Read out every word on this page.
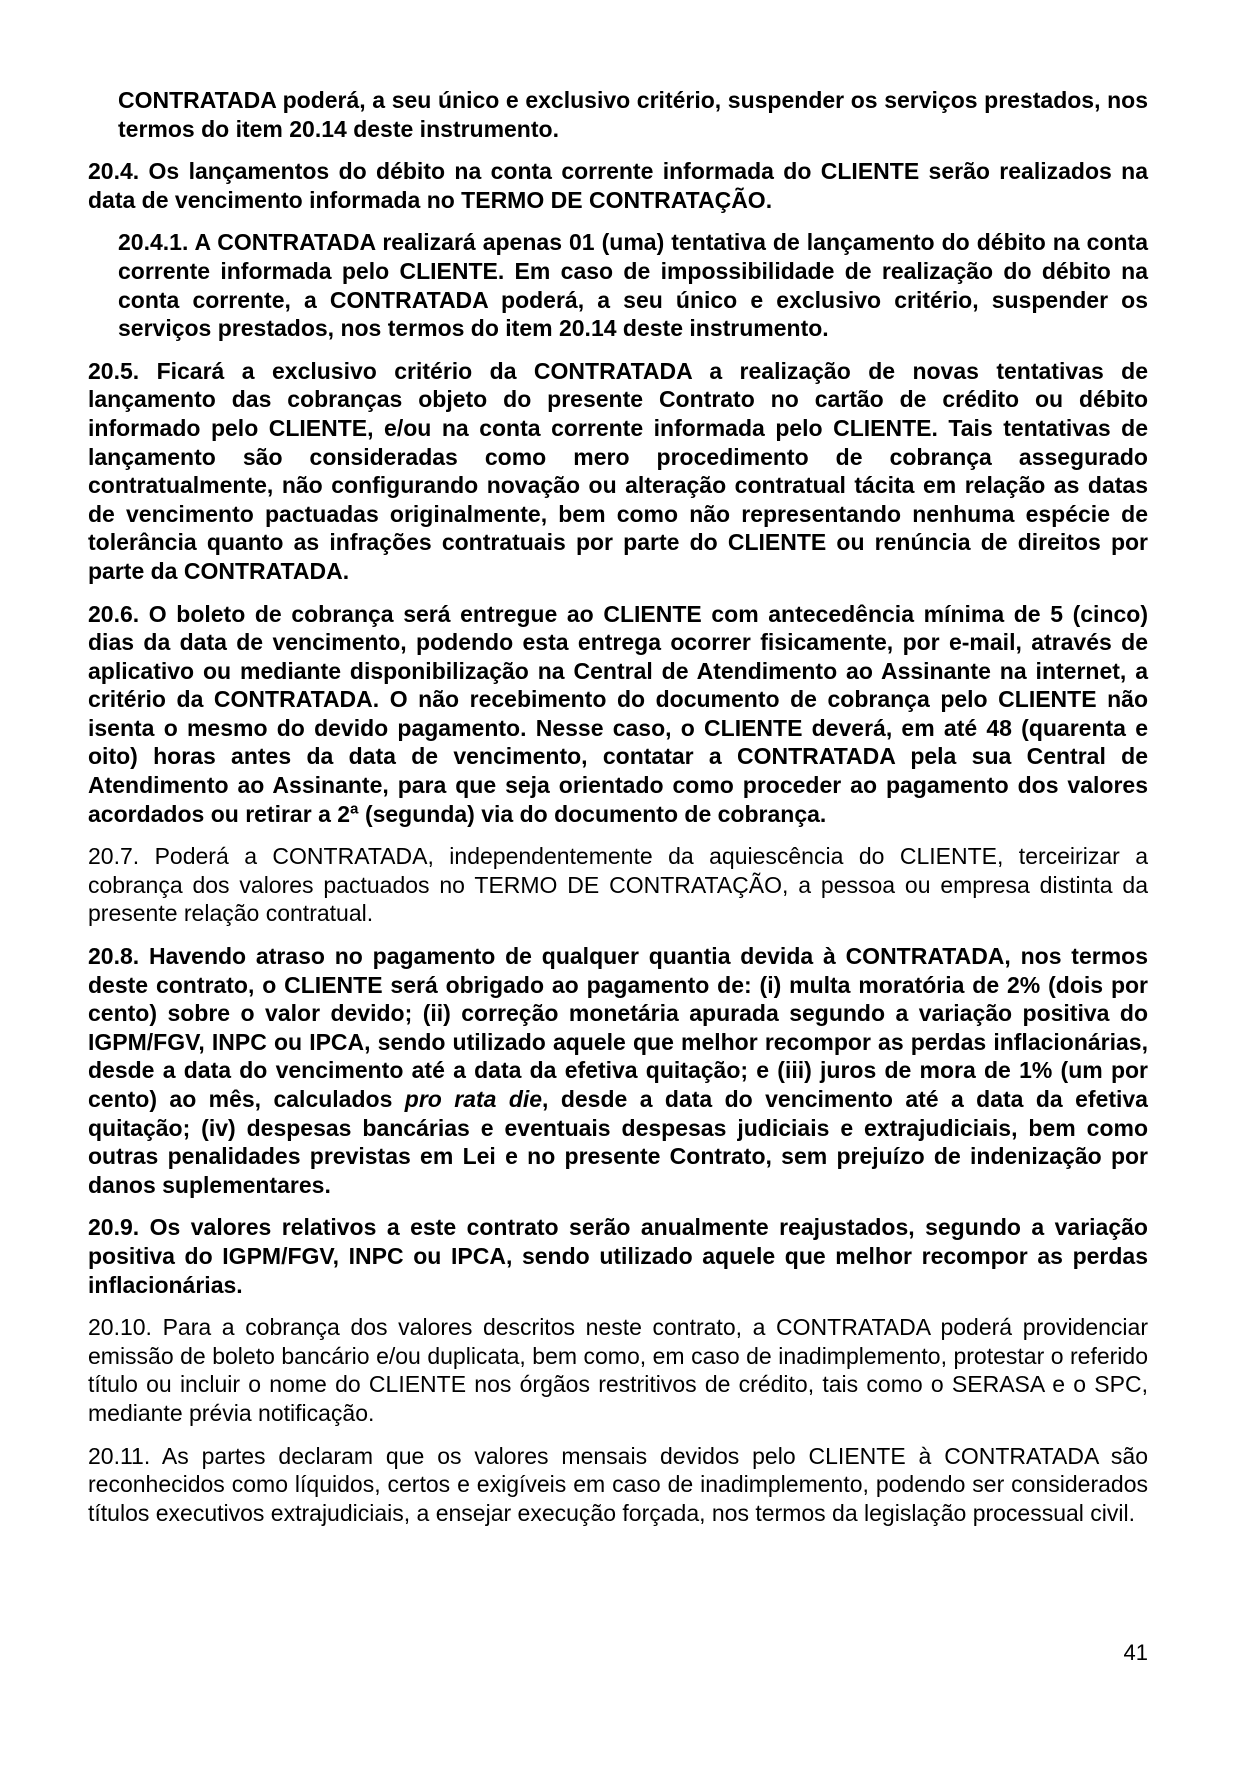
CONTRATADA poderá, a seu único e exclusivo critério, suspender os serviços prestados, nos termos do item 20.14 deste instrumento.

20.4. Os lançamentos do débito na conta corrente informada do CLIENTE serão realizados na data de vencimento informada no TERMO DE CONTRATAÇÃO.

20.4.1. A CONTRATADA realizará apenas 01 (uma) tentativa de lançamento do débito na conta corrente informada pelo CLIENTE. Em caso de impossibilidade de realização do débito na conta corrente, a CONTRATADA poderá, a seu único e exclusivo critério, suspender os serviços prestados, nos termos do item 20.14 deste instrumento.

20.5. Ficará a exclusivo critério da CONTRATADA a realização de novas tentativas de lançamento das cobranças objeto do presente Contrato no cartão de crédito ou débito informado pelo CLIENTE, e/ou na conta corrente informada pelo CLIENTE. Tais tentativas de lançamento são consideradas como mero procedimento de cobrança assegurado contratualmente, não configurando novação ou alteração contratual tácita em relação as datas de vencimento pactuadas originalmente, bem como não representando nenhuma espécie de tolerância quanto as infrações contratuais por parte do CLIENTE ou renúncia de direitos por parte da CONTRATADA.

20.6. O boleto de cobrança será entregue ao CLIENTE com antecedência mínima de 5 (cinco) dias da data de vencimento, podendo esta entrega ocorrer fisicamente, por e-mail, através de aplicativo ou mediante disponibilização na Central de Atendimento ao Assinante na internet, a critério da CONTRATADA. O não recebimento do documento de cobrança pelo CLIENTE não isenta o mesmo do devido pagamento. Nesse caso, o CLIENTE deverá, em até 48 (quarenta e oito) horas antes da data de vencimento, contatar a CONTRATADA pela sua Central de Atendimento ao Assinante, para que seja orientado como proceder ao pagamento dos valores acordados ou retirar a 2ª (segunda) via do documento de cobrança.

20.7. Poderá a CONTRATADA, independentemente da aquiescência do CLIENTE, terceirizar a cobrança dos valores pactuados no TERMO DE CONTRATAÇÃO, a pessoa ou empresa distinta da presente relação contratual.

20.8. Havendo atraso no pagamento de qualquer quantia devida à CONTRATADA, nos termos deste contrato, o CLIENTE será obrigado ao pagamento de: (i) multa moratória de 2% (dois por cento) sobre o valor devido; (ii) correção monetária apurada segundo a variação positiva do IGPM/FGV, INPC ou IPCA, sendo utilizado aquele que melhor recompor as perdas inflacionárias, desde a data do vencimento até a data da efetiva quitação; e (iii) juros de mora de 1% (um por cento) ao mês, calculados pro rata die, desde a data do vencimento até a data da efetiva quitação; (iv) despesas bancárias e eventuais despesas judiciais e extrajudiciais, bem como outras penalidades previstas em Lei e no presente Contrato, sem prejuízo de indenização por danos suplementares.

20.9. Os valores relativos a este contrato serão anualmente reajustados, segundo a variação positiva do IGPM/FGV, INPC ou IPCA, sendo utilizado aquele que melhor recompor as perdas inflacionárias.

20.10. Para a cobrança dos valores descritos neste contrato, a CONTRATADA poderá providenciar emissão de boleto bancário e/ou duplicata, bem como, em caso de inadimplemento, protestar o referido título ou incluir o nome do CLIENTE nos órgãos restritivos de crédito, tais como o SERASA e o SPC, mediante prévia notificação.

20.11. As partes declaram que os valores mensais devidos pelo CLIENTE à CONTRATADA são reconhecidos como líquidos, certos e exigíveis em caso de inadimplemento, podendo ser considerados títulos executivos extrajudiciais, a ensejar execução forçada, nos termos da legislação processual civil.

41
